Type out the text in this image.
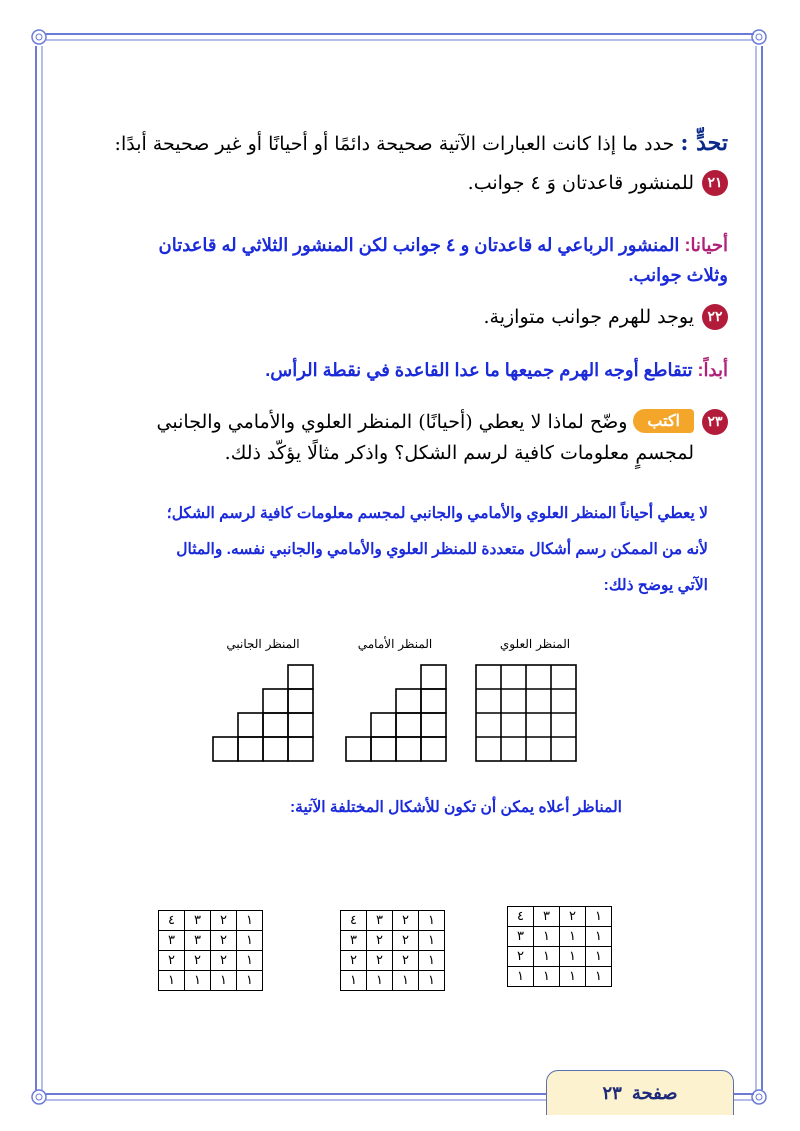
تحدٍّ : حدد ما إذا كانت العبارات الآتية صحيحة دائمًا أو أحيانًا أو غير صحيحة أبدًا:
٢١
للمنشور قاعدتان وَ ٤ جوانب.
أحيانا: المنشور الرباعي له قاعدتان و ٤ جوانب لكن المنشور الثلاثي له قاعدتان وثلاث جوانب.
٢٢
يوجد للهرم جوانب متوازية.
أبداً: تتقاطع أوجه الهرم جميعها ما عدا القاعدة في نقطة الرأس.
٢٣
اكتبوضّح لماذا لا يعطي (أحيانًا) المنظر العلوي والأمامي والجانبي
لمجسمٍ معلومات كافية لرسم الشكل؟ واذكر مثالًا يؤكّد ذلك.
لا يعطي أحياناً المنظر العلوي والأمامي والجانبي لمجسم معلومات كافية لرسم الشكل؛
لأنه من الممكن رسم أشكال متعددة للمنظر العلوي والأمامي والجانبي نفسه. والمثال
الآتي يوضح ذلك:
المنظر العلوي
المنظر الأمامي
المنظر الجانبي
المناظر أعلاه يمكن أن تكون للأشكال المختلفة الآتية:
١	٢	٣	٤
١	١	١	٣
١	١	١	٢
١	١	١	١
١	٢	٣	٤
١	٢	٢	٣
١	٢	٢	٢
١	١	١	١
١	٢	٣	٤
١	٢	٣	٣
١	٢	٢	٢
١	١	١	١
صفحة
٢٣
